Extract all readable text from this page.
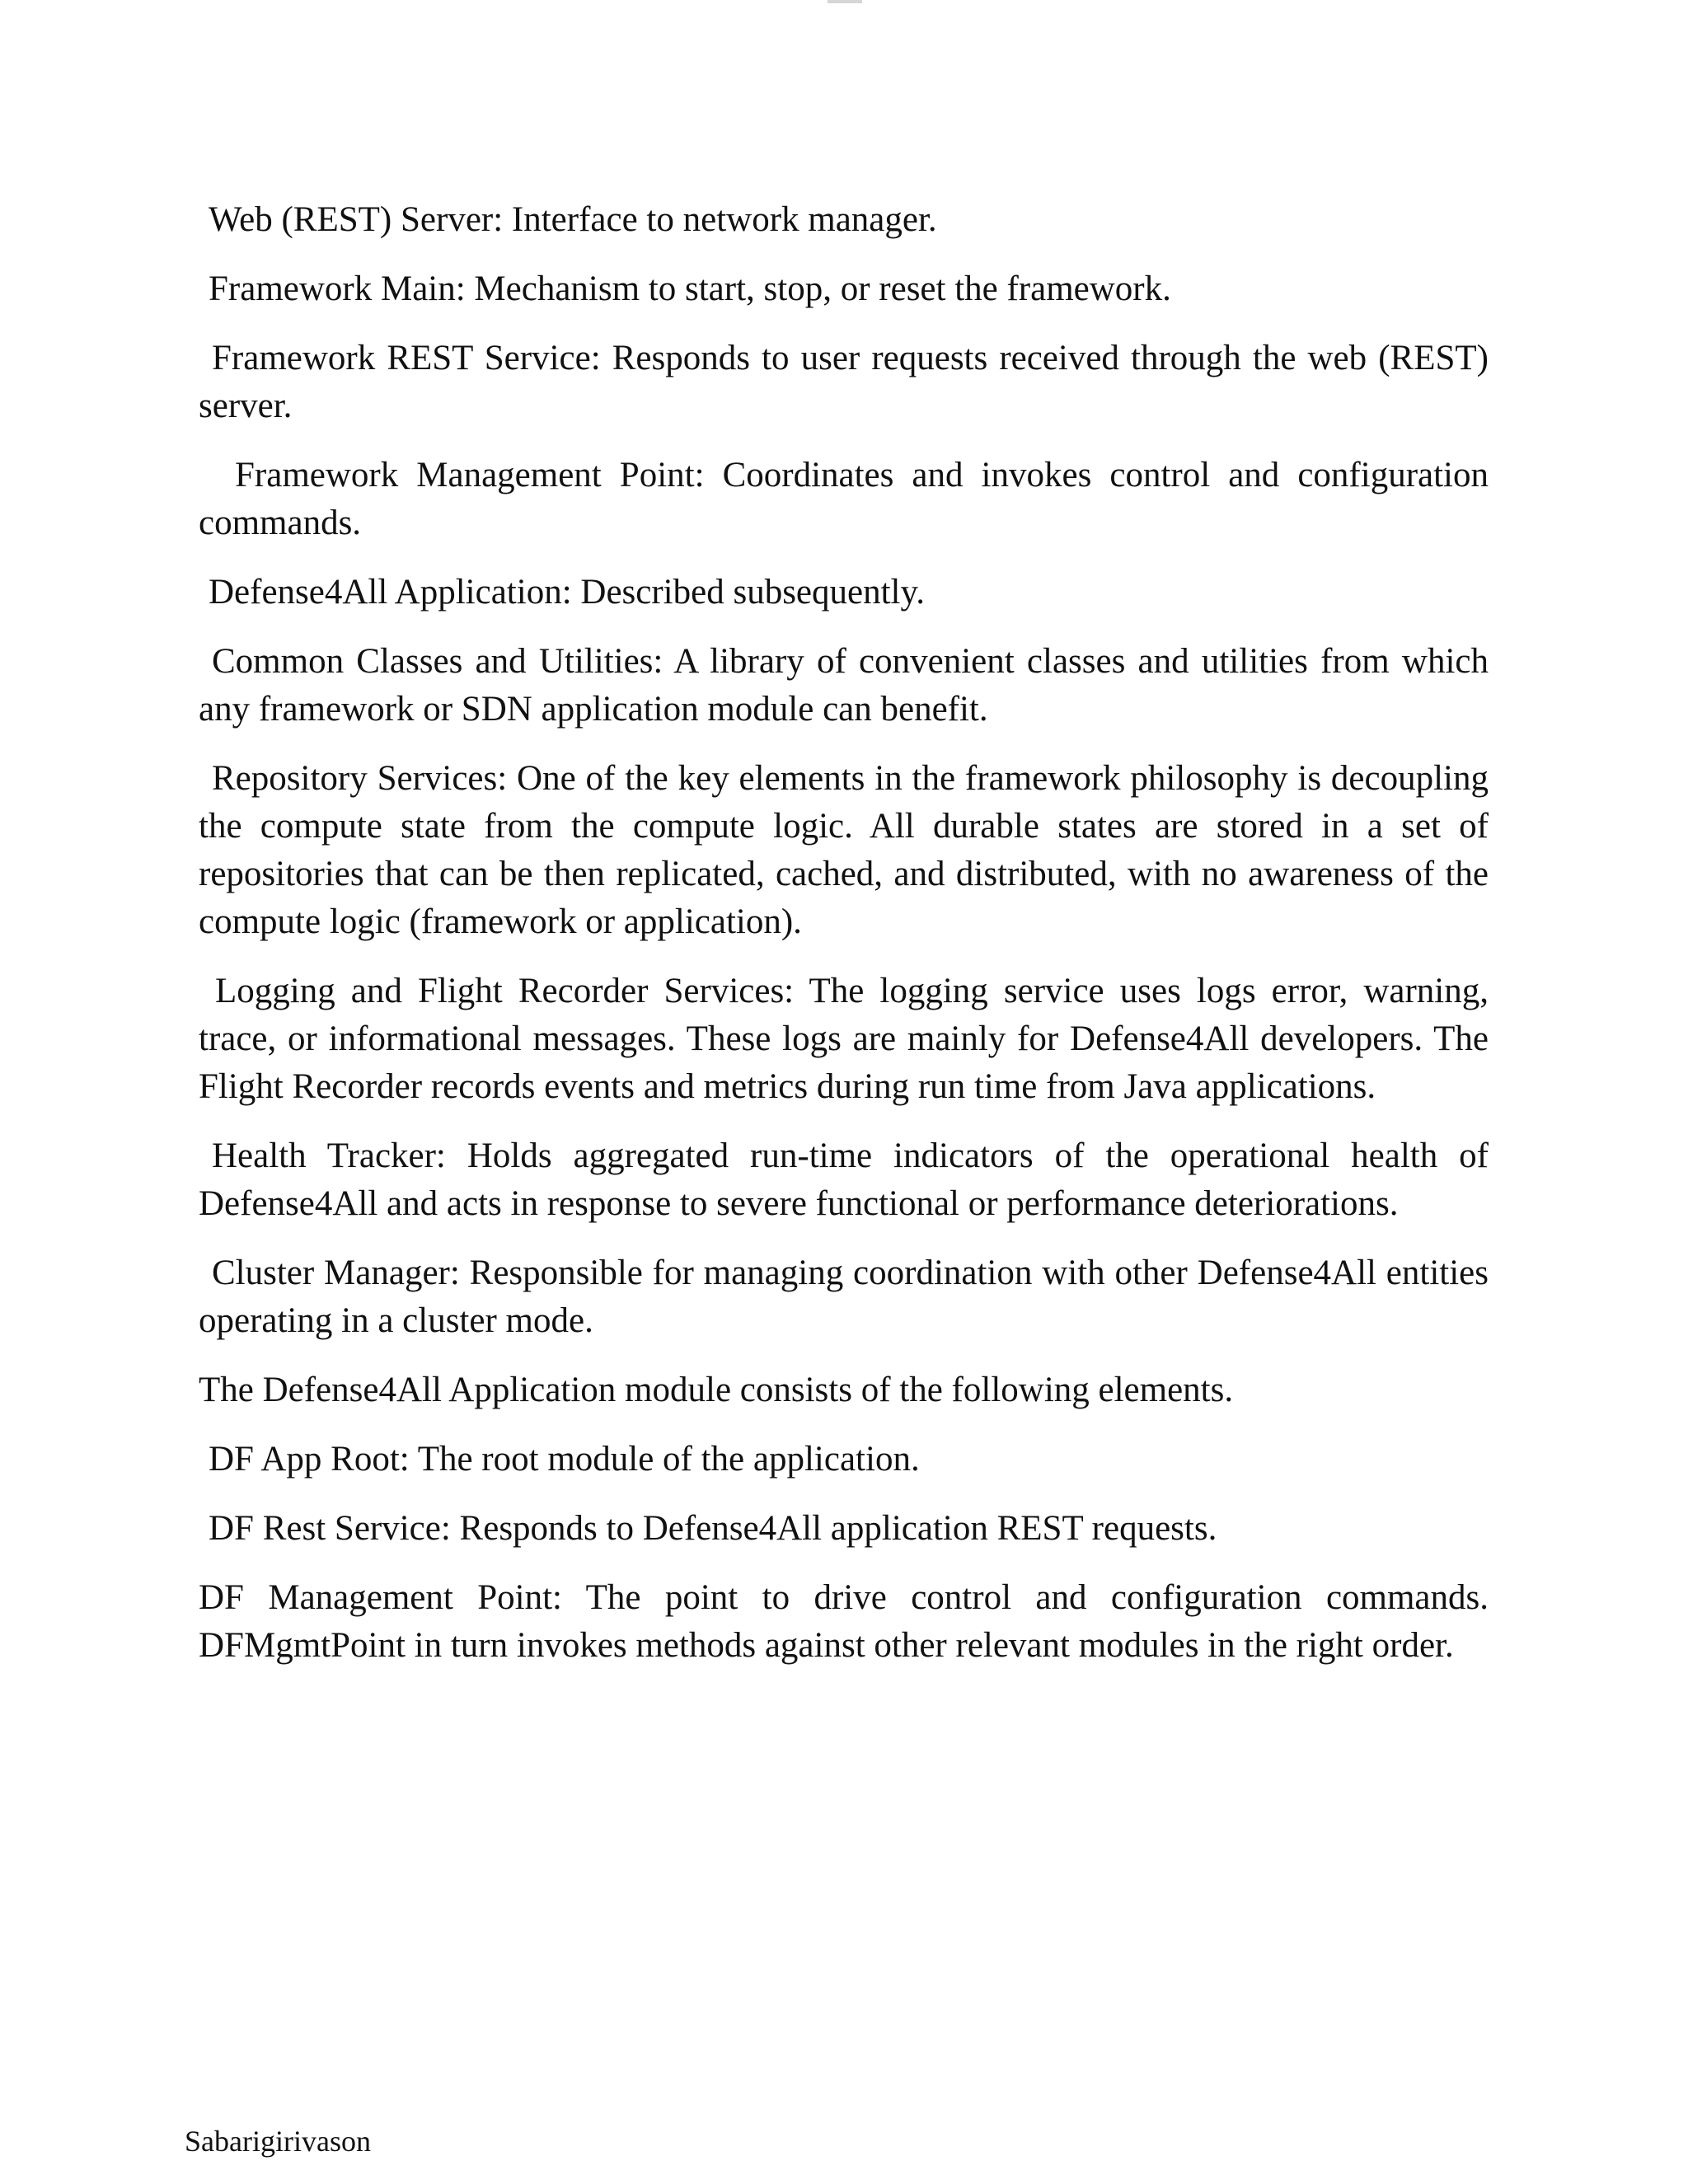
Web (REST) Server: Interface to network manager.

Framework Main: Mechanism to start, stop, or reset the framework.

Framework REST Service: Responds to user requests received through the web (REST) server.

Framework Management Point: Coordinates and invokes control and configuration commands.

Defense4All Application: Described subsequently.

Common Classes and Utilities: A library of convenient classes and utilities from which any framework or SDN application module can benefit.

Repository Services: One of the key elements in the framework philosophy is decoupling the compute state from the compute logic. All durable states are stored in a set of repositories that can be then replicated, cached, and distributed, with no awareness of the compute logic (framework or application).

Logging and Flight Recorder Services: The logging service uses logs error, warning, trace, or informational messages. These logs are mainly for Defense4All developers. The Flight Recorder records events and metrics during run time from Java applications.

Health Tracker: Holds aggregated run-time indicators of the operational health of Defense4All and acts in response to severe functional or performance deteriorations.

Cluster Manager: Responsible for managing coordination with other Defense4All entities operating in a cluster mode.

The Defense4All Application module consists of the following elements.

DF App Root: The root module of the application.

DF Rest Service: Responds to Defense4All application REST requests.

DF Management Point: The point to drive control and configuration commands. DFMgmtPoint in turn invokes methods against other relevant modules in the right order.

Sabarigirivason
